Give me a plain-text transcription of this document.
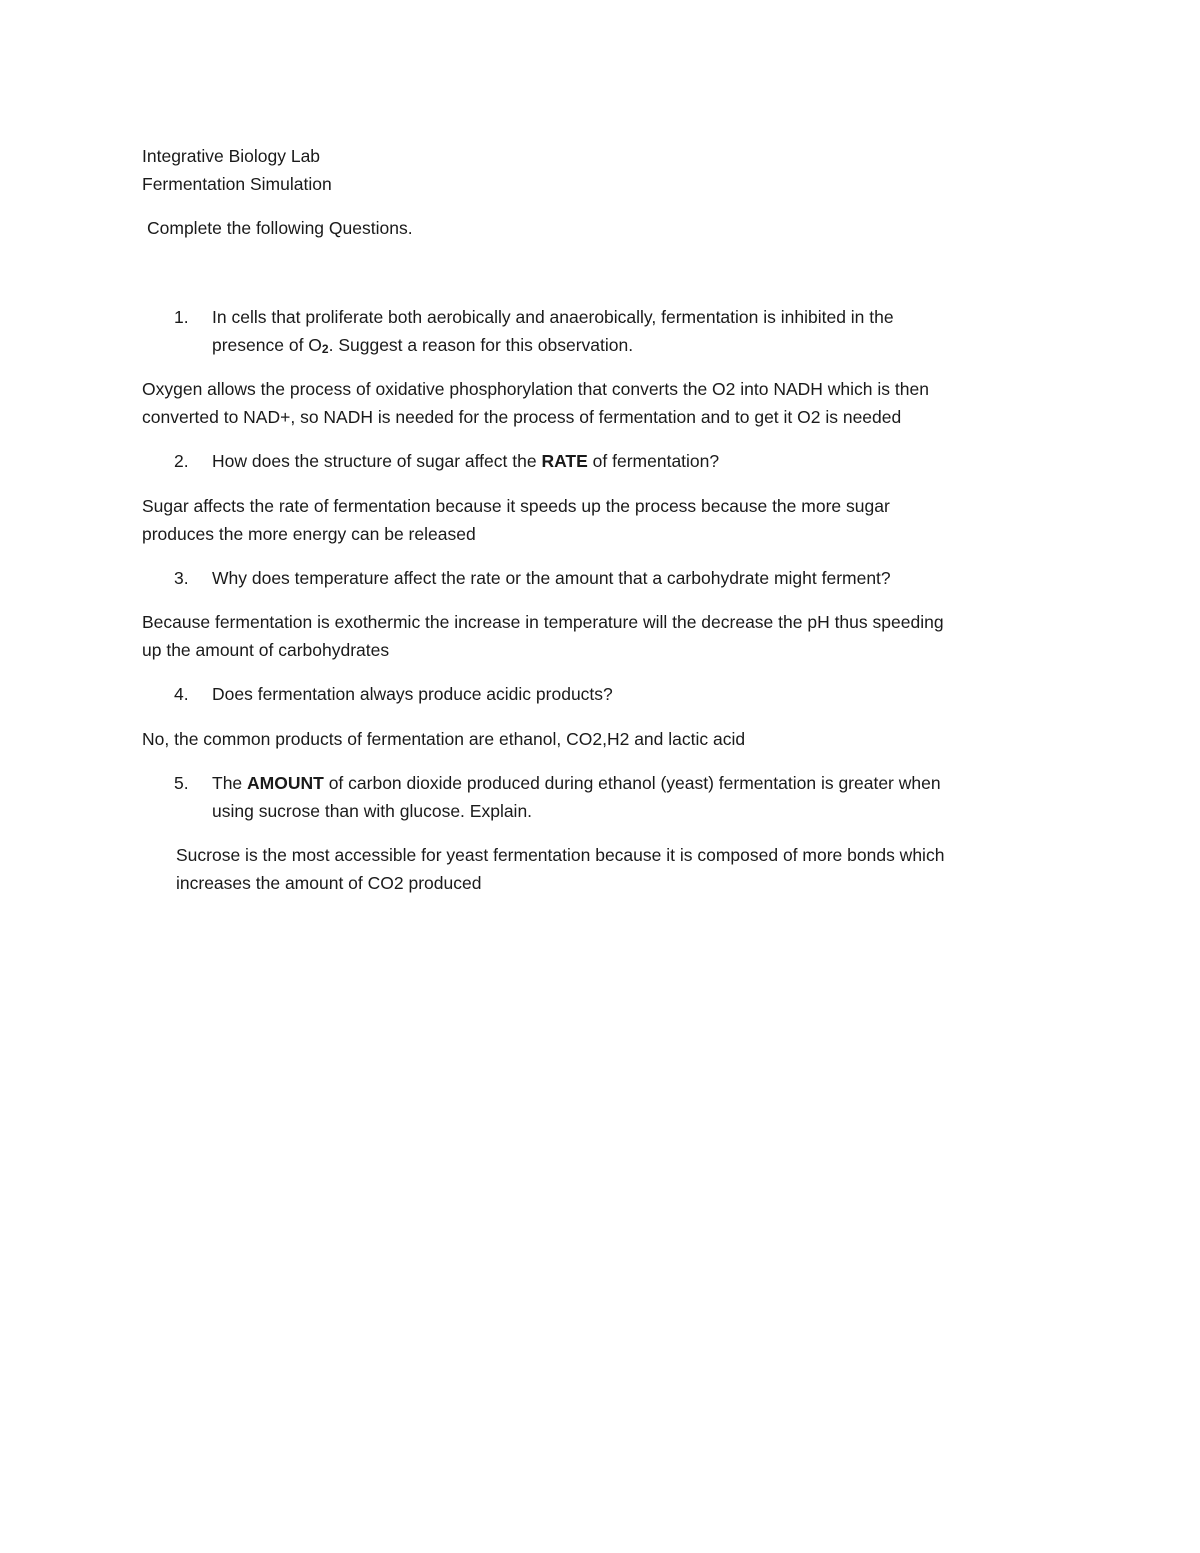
Integrative Biology Lab
Fermentation Simulation
Complete the following Questions.
1. In cells that proliferate both aerobically and anaerobically, fermentation is inhibited in the
presence of $O_2$. Suggest a reason for this observation.
Oxygen allows the process of oxidative phosphorylation that converts the O2 into NADH which is then
converted to NAD+, so NADH is needed for the process of fermentation and to get it O2 is needed
2. How does the structure of sugar affect the RATE of fermentation?
Sugar affects the rate of fermentation because it speeds up the process because the more sugar
produces the more energy can be released
3. Why does temperature affect the rate or the amount that a carbohydrate might ferment?
Because fermentation is exothermic the increase in temperature will the decrease the pH thus speeding
up the amount of carbohydrates
4. Does fermentation always produce acidic products?
No, the common products of fermentation are ethanol, CO2,H2 and lactic acid
5. The AMOUNT of carbon dioxide produced during ethanol (yeast) fermentation is greater when
using sucrose than with glucose. Explain.
Sucrose is the most accessible for yeast fermentation because it is composed of more bonds which
increases the amount of CO2 produced
